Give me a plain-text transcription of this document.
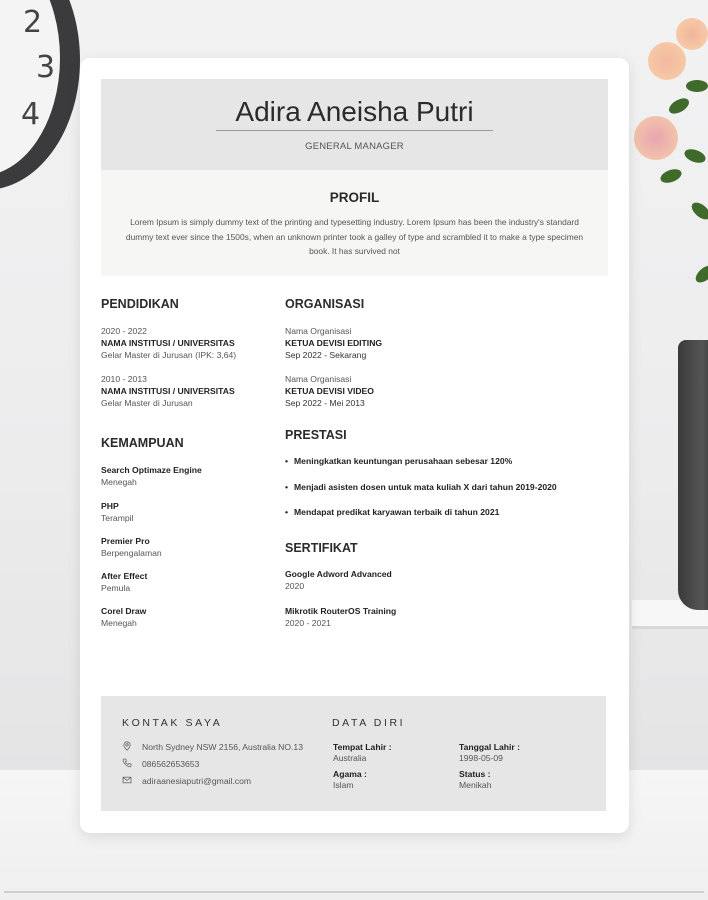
2
3
4	Adira Aneisha Putri
GENERAL MANAGER
PROFIL
Lorem Ipsum is simply dummy text of the printing and typesetting industry. Lorem Ipsum has been the industry's standard dummy text ever since the 1500s, when an unknown printer took a galley of type and scrambled it to make a type specimen book. It has survived not
PENDIDIKAN
2020 - 2022
NAMA INSTITUSI / UNIVERSITAS
Gelar Master di Jurusan (IPK: 3,64)
2010 - 2013
NAMA INSTITUSI / UNIVERSITAS
Gelar Master di Jurusan
KEMAMPUAN
Search Optimaze Engine
Menegah
PHP
Terampil
Premier Pro
Berpengalaman
After Effect
Pemula
Corel Draw
Menegah
ORGANISASI
Nama Organisasi
KETUA DEVISI EDITING
Sep 2022 - Sekarang
Nama Organisasi
KETUA DEVISI VIDEO
Sep 2022 - Mei 2013
PRESTASI
• Meningkatkan keuntungan perusahaan sebesar 120%
• Menjadi asisten dosen untuk mata kuliah X dari tahun 2019-2020
• Mendapat predikat karyawan terbaik di tahun 2021
SERTIFIKAT
Google Adword Advanced
2020
Mikrotik RouterOS Training
2020 - 2021
KONTAK SAYA
North Sydney NSW 2156, Australia NO.13
086562653653
adiraanesiaputri@gmail.com
DATA DIRI
Tempat Lahir :
Australia
Tanggal Lahir :
1998-05-09
Agama :
Islam
Status :
Menikah
